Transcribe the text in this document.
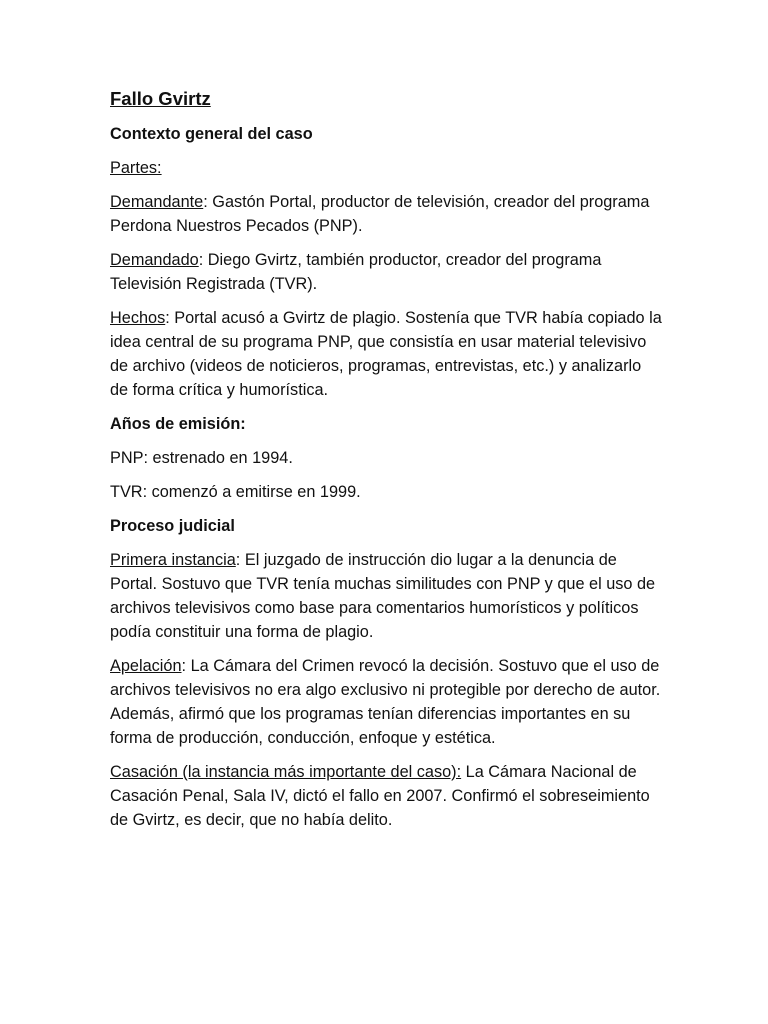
Fallo Gvirtz
Contexto general del caso

Partes:

Demandante: Gastón Portal, productor de televisión, creador del programa Perdona Nuestros Pecados (PNP).

Demandado: Diego Gvirtz, también productor, creador del programa Televisión Registrada (TVR).

Hechos: Portal acusó a Gvirtz de plagio. Sostenía que TVR había copiado la idea central de su programa PNP, que consistía en usar material televisivo de archivo (videos de noticieros, programas, entrevistas, etc.) y analizarlo de forma crítica y humorística.

Años de emisión:

PNP: estrenado en 1994.

TVR: comenzó a emitirse en 1999.

Proceso judicial

Primera instancia: El juzgado de instrucción dio lugar a la denuncia de Portal. Sostuvo que TVR tenía muchas similitudes con PNP y que el uso de archivos televisivos como base para comentarios humorísticos y políticos podía constituir una forma de plagio.

Apelación: La Cámara del Crimen revocó la decisión. Sostuvo que el uso de archivos televisivos no era algo exclusivo ni protegible por derecho de autor. Además, afirmó que los programas tenían diferencias importantes en su forma de producción, conducción, enfoque y estética.

Casación (la instancia más importante del caso): La Cámara Nacional de Casación Penal, Sala IV, dictó el fallo en 2007. Confirmó el sobreseimiento de Gvirtz, es decir, que no había delito.
